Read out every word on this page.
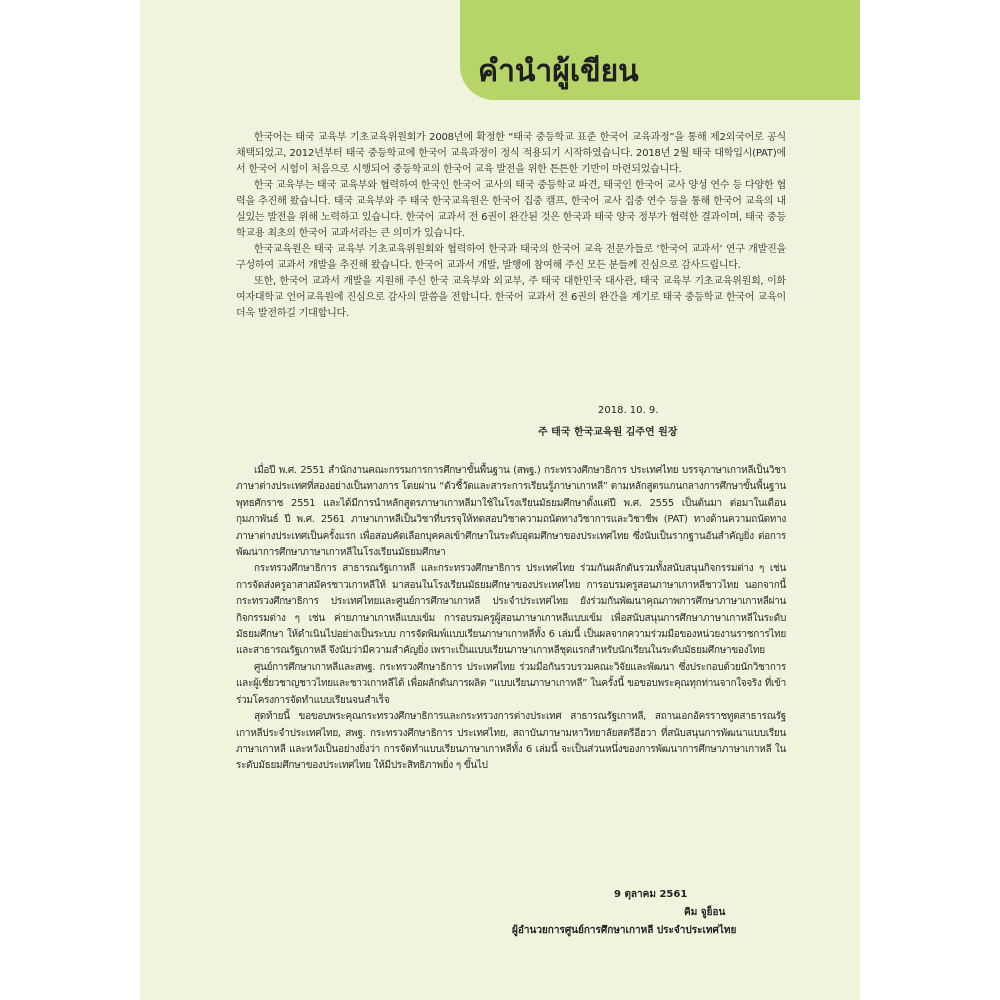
คำนำผู้เขียน

한국어는 태국 교육부 기초교육위원회가 2008년에 확정한 “태국 중등학교 표준 한국어 교육과정”을 통해 제2외국어로 공식 채택되었고, 2012년부터 태국 중등학교에 한국어 교육과정이 정식 적용되기 시작하였습니다. 2018년 2월 태국 대학입시(PAT)에서 한국어 시험이 처음으로 시행되어 중등학교의 한국어 교육 발전을 위한 튼튼한 기반이 마련되었습니다.

한국 교육부는 태국 교육부와 협력하여 한국인 한국어 교사의 태국 중등학교 파견, 태국인 한국어 교사 양성 연수 등 다양한 협력을 추진해 왔습니다. 태국 교육부와 주 태국 한국교육원은 한국어 집중 캠프, 한국어 교사 집중 연수 등을 통해 한국어 교육의 내실있는 발전을 위해 노력하고 있습니다. 한국어 교과서 전 6권이 완간된 것은 한국과 태국 양국 정부가 협력한 결과이며, 태국 중등학교용 최초의 한국어 교과서라는 큰 의미가 있습니다.

한국교육원은 태국 교육부 기초교육위원회와 협력하여 한국과 태국의 한국어 교육 전문가들로 ‘한국어 교과서’ 연구 개발진을 구성하여 교과서 개발을 추진해 왔습니다. 한국어 교과서 개발, 발행에 참여해 주신 모든 분들께 진심으로 감사드립니다.

또한, 한국어 교과서 개발을 지원해 주신 한국 교육부와 외교부, 주 태국 대한민국 대사관, 태국 교육부 기초교육위원회, 이화여자대학교 언어교육원에 진심으로 감사의 말씀을 전합니다. 한국어 교과서 전 6권의 완간을 계기로 태국 중등학교 한국어 교육이 더욱 발전하길 기대합니다.

2018. 10. 9.
주 태국 한국교육원 김주연 원장

เมื่อปี พ.ศ. 2551 สำนักงานคณะกรรมการการศึกษาขั้นพื้นฐาน (สพฐ.) กระทรวงศึกษาธิการ ประเทศไทย บรรจุภาษาเกาหลีเป็นวิชาภาษาต่างประเทศที่สองอย่างเป็นทางการ โดยผ่าน “ตัวชี้วัดและสาระการเรียนรู้ภาษาเกาหลี” ตามหลักสูตรแกนกลางการศึกษาขั้นพื้นฐาน พุทธศักราช 2551 และได้มีการนำหลักสูตรภาษาเกาหลีมาใช้ในโรงเรียนมัธยมศึกษาตั้งแต่ปี พ.ศ. 2555 เป็นต้นมา ต่อมาในเดือนกุมภาพันธ์ ปี พ.ศ. 2561 ภาษาเกาหลีเป็นวิชาที่บรรจุให้ทดสอบวิชาความถนัดทางวิชาการและวิชาชีพ (PAT) ทางด้านความถนัดทางภาษาต่างประเทศเป็นครั้งแรก เพื่อสอบคัดเลือกบุคคลเข้าศึกษาในระดับอุดมศึกษาของประเทศไทย ซึ่งนับเป็นรากฐานอันสำคัญยิ่ง ต่อการพัฒนาการศึกษาภาษาเกาหลีในโรงเรียนมัธยมศึกษา

กระทรวงศึกษาธิการ สาธารณรัฐเกาหลี และกระทรวงศึกษาธิการ ประเทศไทย ร่วมกันผลักดันรวมทั้งสนับสนุนกิจกรรมต่าง ๆ เช่น การจัดส่งครูอาสาสมัครชาวเกาหลีให้ มาสอนในโรงเรียนมัธยมศึกษาของประเทศไทย การอบรมครูสอนภาษาเกาหลีชาวไทย นอกจากนี้ กระทรวงศึกษาธิการ ประเทศไทยและศูนย์การศึกษาเกาหลี ประจำประเทศไทย ยังร่วมกันพัฒนาคุณภาพการศึกษาภาษาเกาหลีผ่านกิจกรรมต่าง ๆ เช่น ค่ายภาษาเกาหลีแบบเข้ม การอบรมครูผู้สอนภาษาเกาหลีแบบเข้ม เพื่อสนับสนุนการศึกษาภาษาเกาหลีในระดับมัธยมศึกษา ให้ดำเนินไปอย่างเป็นระบบ การจัดพิมพ์แบบเรียนภาษาเกาหลีทั้ง 6 เล่มนี้ เป็นผลจากความร่วมมือของหน่วยงานราชการไทยและสาธารณรัฐเกาหลี จึงนับว่ามีความสำคัญยิ่ง เพราะเป็นแบบเรียนภาษาเกาหลีชุดแรกสำหรับนักเรียนในระดับมัธยมศึกษาของไทย

ศูนย์การศึกษาเกาหลีและสพฐ. กระทรวงศึกษาธิการ ประเทศไทย ร่วมมือกันรวบรวมคณะวิจัยและพัฒนา ซึ่งประกอบด้วยนักวิชาการและผู้เชี่ยวชาญชาวไทยและชาวเกาหลีได้ เพื่อผลักดันการผลิต “แบบเรียนภาษาเกาหลี” ในครั้งนี้ ขอขอบพระคุณทุกท่านจากใจจริง ที่เข้าร่วมโครงการจัดทำแบบเรียนจนสำเร็จ

สุดท้ายนี้ ขอขอบพระคุณกระทรวงศึกษาธิการและกระทรวงการต่างประเทศ สาธารณรัฐเกาหลี, สถานเอกอัครราชทูตสาธารณรัฐเกาหลีประจำประเทศไทย, สพฐ. กระทรวงศึกษาธิการ ประเทศไทย, สถาบันภาษามหาวิทยาลัยสตรีอีฮวา ที่สนับสนุนการพัฒนาแบบเรียนภาษาเกาหลี และหวังเป็นอย่างยิ่งว่า การจัดทำแบบเรียนภาษาเกาหลีทั้ง 6 เล่มนี้ จะเป็นส่วนหนึ่งของการพัฒนาการศึกษาภาษาเกาหลี ในระดับมัธยมศึกษาของประเทศไทย ให้มีประสิทธิภาพยิ่ง ๆ ขึ้นไป

9 ตุลาคม 2561
คิม จูย็อน
ผู้อำนวยการศูนย์การศึกษาเกาหลี ประจำประเทศไทย
